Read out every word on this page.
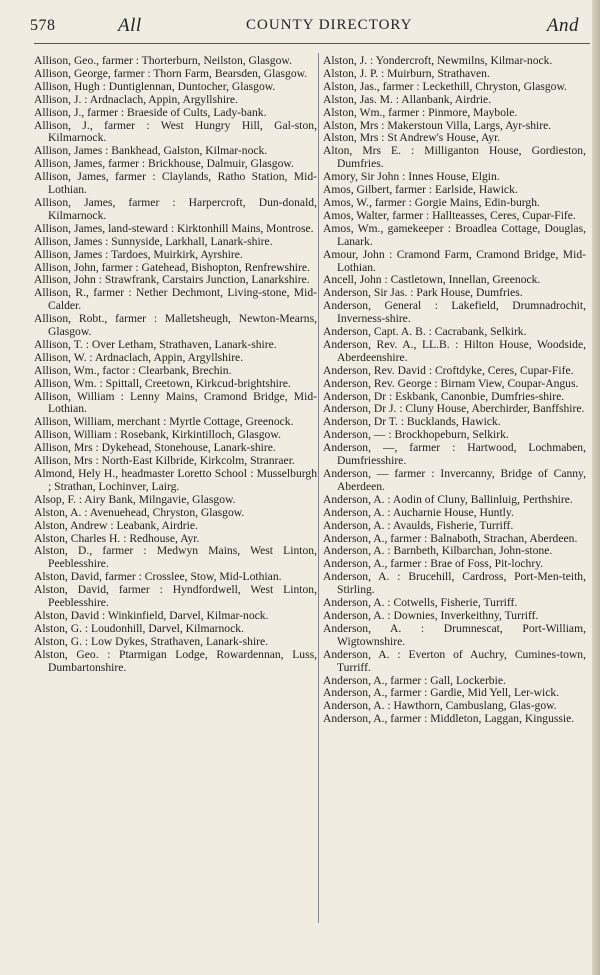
578	All	COUNTY DIRECTORY	And
Allison, Geo., farmer : Thorterburn, Neilston, Glasgow.
Allison, George, farmer : Thorn Farm, Bearsden, Glasgow.
Allison, Hugh : Duntiglennan, Duntocher, Glasgow.
Allison, J. : Ardnaclach, Appin, Argyllshire.
Allison, J., farmer : Braeside of Cults, Lady-bank.
Allison, J., farmer : West Hungry Hill, Gal-ston, Kilmarnock.
Allison, James : Bankhead, Galston, Kilmar-nock.
Allison, James, farmer : Brickhouse, Dalmuir, Glasgow.
Allison, James, farmer : Claylands, Ratho Station, Mid-Lothian.
Allison, James, farmer : Harpercroft, Dun-donald, Kilmarnock.
Allison, James, land-steward : Kirktonhill Mains, Montrose.
Allison, James : Sunnyside, Larkhall, Lanark-shire.
Allison, James : Tardoes, Muirkirk, Ayrshire.
Allison, John, farmer : Gatehead, Bishopton, Renfrewshire.
Allison, John : Strawfrank, Carstairs Junction, Lanarkshire.
Allison, R., farmer : Nether Dechmont, Living-stone, Mid-Calder.
Allison, Robt., farmer : Malletsheugh, Newton-Mearns, Glasgow.
Allison, T. : Over Letham, Strathaven, Lanark-shire.
Allison, W. : Ardnaclach, Appin, Argyllshire.
Allison, Wm., factor : Clearbank, Brechin.
Allison, Wm. : Spittall, Creetown, Kirkcud-brightshire.
Allison, William : Lenny Mains, Cramond Bridge, Mid-Lothian.
Allison, William, merchant : Myrtle Cottage, Greenock.
Allison, William : Rosebank, Kirkintilloch, Glasgow.
Allison, Mrs : Dykehead, Stonehouse, Lanark-shire.
Allison, Mrs : North-East Kilbride, Kirkcolm, Stranraer.
Almond, Hely H., headmaster Loretto School : Musselburgh ; Strathan, Lochinver, Lairg.
Alsop, F. : Airy Bank, Milngavie, Glasgow.
Alston, A. : Avenuehead, Chryston, Glasgow.
Alston, Andrew : Leabank, Airdrie.
Alston, Charles H. : Redhouse, Ayr.
Alston, D., farmer : Medwyn Mains, West Linton, Peeblesshire.
Alston, David, farmer : Crosslee, Stow, Mid-Lothian.
Alston, David, farmer : Hyndfordwell, West Linton, Peeblesshire.
Alston, David : Winkinfield, Darvel, Kilmar-nock.
Alston, G. : Loudonhill, Darvel, Kilmarnock.
Alston, G. : Low Dykes, Strathaven, Lanark-shire.
Alston, Geo. : Ptarmigan Lodge, Rowardennan, Luss, Dumbartonshire.
Alston, J. : Yondercroft, Newmilns, Kilmar-nock.
Alston, J. P. : Muirburn, Strathaven.
Alston, Jas., farmer : Leckethill, Chryston, Glasgow.
Alston, Jas. M. : Allanbank, Airdrie.
Alston, Wm., farmer : Pinmore, Maybole.
Alston, Mrs : Makerstoun Villa, Largs, Ayr-shire.
Alston, Mrs : St Andrew's House, Ayr.
Alton, Mrs E. : Milliganton House, Gordieston, Dumfries.
Amory, Sir John : Innes House, Elgin.
Amos, Gilbert, farmer : Earlside, Hawick.
Amos, W., farmer : Gorgie Mains, Edin-burgh.
Amos, Walter, farmer : Hallteasses, Ceres, Cupar-Fife.
Amos, Wm., gamekeeper : Broadlea Cottage, Douglas, Lanark.
Amour, John : Cramond Farm, Cramond Bridge, Mid-Lothian.
Ancell, John : Castletown, Innellan, Greenock.
Anderson, Sir Jas. : Park House, Dumfries.
Anderson, General : Lakefield, Drumnadrochit, Inverness-shire.
Anderson, Capt. A. B. : Cacrabank, Selkirk.
Anderson, Rev. A., LL.B. : Hilton House, Woodside, Aberdeenshire.
Anderson, Rev. David : Croftdyke, Ceres, Cupar-Fife.
Anderson, Rev. George : Birnam View, Coupar-Angus.
Anderson, Dr : Eskbank, Canonbie, Dumfries-shire.
Anderson, Dr J. : Cluny House, Aberchirder, Banffshire.
Anderson, Dr T. : Bucklands, Hawick.
Anderson, — : Brockhopeburn, Selkirk.
Anderson, —, farmer : Hartwood, Lochmaben, Dumfriesshire.
Anderson, — farmer : Invercanny, Bridge of Canny, Aberdeen.
Anderson, A. : Aodin of Cluny, Ballinluig, Perthshire.
Anderson, A. : Aucharnie House, Huntly.
Anderson, A. : Avaulds, Fisherie, Turriff.
Anderson, A., farmer : Balnaboth, Strachan, Aberdeen.
Anderson, A. : Barnbeth, Kilbarchan, John-stone.
Anderson, A., farmer : Brae of Foss, Pit-lochry.
Anderson, A. : Brucehill, Cardross, Port-Men-teith, Stirling.
Anderson, A. : Cotwells, Fisherie, Turriff.
Anderson, A. : Downies, Inverkeithny, Turriff.
Anderson, A. : Drumnescat, Port-William, Wigtownshire.
Anderson, A. : Everton of Auchry, Cumines-town, Turriff.
Anderson, A., farmer : Gall, Lockerbie.
Anderson, A., farmer : Gardie, Mid Yell, Ler-wick.
Anderson, A. : Hawthorn, Cambuslang, Glas-gow.
Anderson, A., farmer : Middleton, Laggan, Kingussie.
